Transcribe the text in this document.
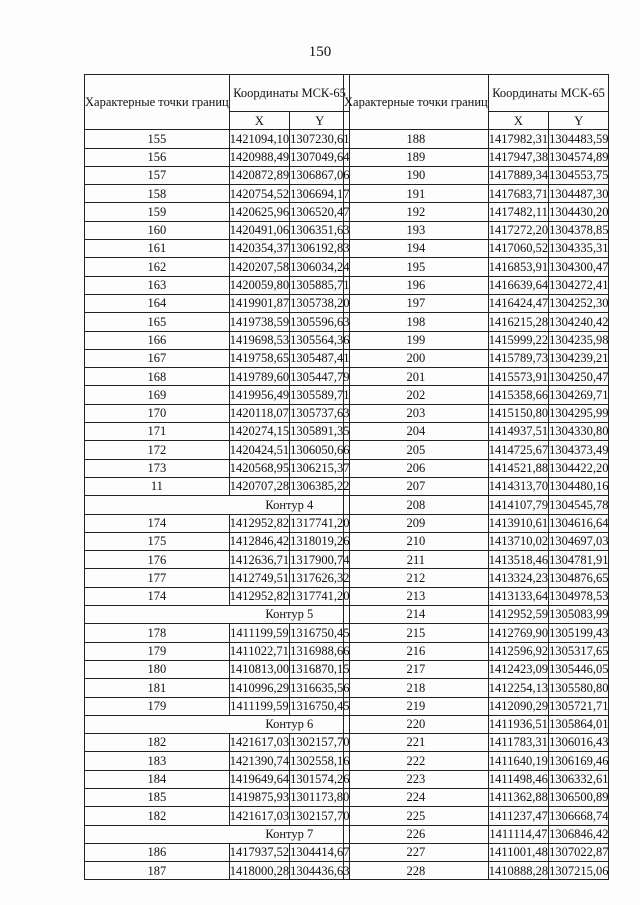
150
Характерные точки границ	Координаты МСК-65	
	X	Y
155	1421094,10	1307230,61
156	1420988,49	1307049,64
157	1420872,89	1306867,06
158	1420754,52	1306694,17
159	1420625,96	1306520,47
160	1420491,06	1306351,63
161	1420354,37	1306192,83
162	1420207,58	1306034,24
163	1420059,80	1305885,71
164	1419901,87	1305738,20
165	1419738,59	1305596,63
166	1419698,53	1305564,36
167	1419758,65	1305487,41
168	1419789,60	1305447,79
169	1419956,49	1305589,71
170	1420118,07	1305737,63
171	1420274,15	1305891,35
172	1420424,51	1306050,66
173	1420568,95	1306215,37
11	1420707,28	1306385,22
	Контур 4	
174	1412952,82	1317741,20
175	1412846,42	1318019,26
176	1412636,71	1317900,74
177	1412749,51	1317626,32
174	1412952,82	1317741,20
	Контур 5	
178	1411199,59	1316750,45
179	1411022,71	1316988,66
180	1410813,00	1316870,15
181	1410996,29	1316635,56
179	1411199,59	1316750,45
	Контур 6	
182	1421617,03	1302157,70
183	1421390,74	1302558,16
184	1419649,64	1301574,26
185	1419875,93	1301173,80
182	1421617,03	1302157,70
	Контур 7	
186	1417937,52	1304414,67
187	1418000,28	1304436,63
Характерные точки границ	Координаты МСК-65	
	X	Y
188	1417982,31	1304483,59
189	1417947,38	1304574,89
190	1417889,34	1304553,75
191	1417683,71	1304487,30
192	1417482,11	1304430,20
193	1417272,20	1304378,85
194	1417060,52	1304335,31
195	1416853,91	1304300,47
196	1416639,64	1304272,41
197	1416424,47	1304252,30
198	1416215,28	1304240,42
199	1415999,22	1304235,98
200	1415789,73	1304239,21
201	1415573,91	1304250,47
202	1415358,66	1304269,71
203	1415150,80	1304295,99
204	1414937,51	1304330,80
205	1414725,67	1304373,49
206	1414521,88	1304422,20
207	1414313,70	1304480,16
208	1414107,79	1304545,78
209	1413910,61	1304616,64
210	1413710,02	1304697,03
211	1413518,46	1304781,91
212	1413324,23	1304876,65
213	1413133,64	1304978,53
214	1412952,59	1305083,99
215	1412769,90	1305199,43
216	1412596,92	1305317,65
217	1412423,09	1305446,05
218	1412254,13	1305580,80
219	1412090,29	1305721,71
220	1411936,51	1305864,01
221	1411783,31	1306016,43
222	1411640,19	1306169,46
223	1411498,46	1306332,61
224	1411362,88	1306500,89
225	1411237,47	1306668,74
226	1411114,47	1306846,42
227	1411001,48	1307022,87
228	1410888,28	1307215,06
